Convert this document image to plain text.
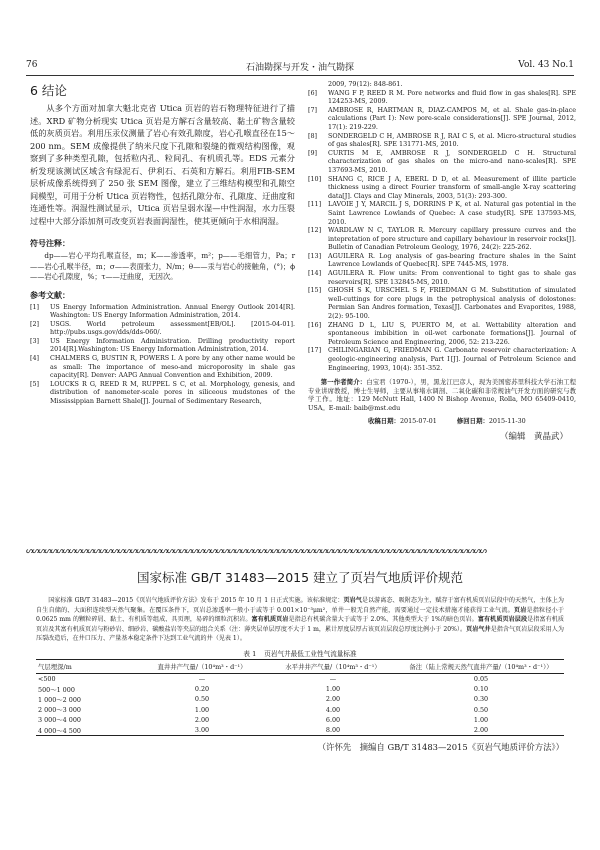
76	石油勘探与开发・油气勘探	Vol. 43 No.1
6 结论

从多个方面对加拿大魁北克省 Utica 页岩的岩石物理特征进行了描述。XRD 矿物分析现实 Utica 页岩是方解石含量较高、黏土矿物含量较低的灰质页岩。利用压汞仪测量了岩心有效孔隙度，岩心孔喉直径在15～200 nm。SEM 成像提供了纳米尺度下孔隙和裂缝的微观结构图像，观察到了多种类型孔隙，包括粒内孔、粒间孔、有机质孔等。EDS 元素分析发现该测试区域含有绿泥石、伊利石、石英和方解石。利用FIB-SEM 层析成像系统得到了 250 张 SEM 图像，建立了三维结构模型和孔隙空间模型，可用于分析 Utica 页岩物性，包括孔隙分布、孔隙度、迂曲度和连通性等。润湿性测试显示，Utica 页岩呈弱水湿—中性润湿，水力压裂过程中大部分添加剂可改变页岩表面润湿性，使其更倾向于水相润湿。

符号注释：

dp——岩心平均孔喉直径，m；K——渗透率，m²；p——毛细管力，Pa；r——岩心孔喉半径，m；σ——表面张力，N/m；θ——汞与岩心的接触角，(°)；ϕ——岩心孔隙度，%；τ——迂曲度，无因次。

参考文献：

[1]	US Energy Information Administration. Annual Energy Outlook 2014[R]. Washington: US Energy Information Administration, 2014.
[2]	USGS. World petroleum assessment[EB/OL]. [2015-04-01]. http://pubs.usgs.gov/dds/dds-060/.
[3]	US Energy Information Administration. Drilling productivity report 2014[R].Washington: US Energy Information Administration, 2014.
[4]	CHALMERS G, BUSTIN R, POWERS I. A pore by any other name would be as small: The importance of meso-and microporosity in shale gas capacity[R]. Denver: AAPG Annual Convention and Exhibition, 2009.
[5]	LOUCKS R G, REED R M, RUPPEL S C, et al. Morphology, genesis, and distribution of nanometer-scale pores in siliceous mudstones of the Mississippian Barnett Shale[J]. Journal of Sedimentary Research,
2009, 79(12): 848-861.
[6]	WANG F P, REED R M. Pore networks and fluid flow in gas shales[R]. SPE 124253-MS, 2009.
[7]	AMBROSE R, HARTMAN R, DIAZ-CAMPOS M, et al. Shale gas-in-place calculations (Part Ⅰ): New pore-scale considerations[J]. SPE Journal, 2012, 17(1): 219-229.
[8]	SONDERGELD C H, AMBROSE R J, RAI C S, et al. Micro-structural studies of gas shales[R]. SPE 131771-MS, 2010.
[9]	CURTIS M E, AMBROSE R J, SONDERGELD C H. Structural characterization of gas shales on the micro-and nano-scales[R]. SPE 137693-MS, 2010.
[10]	SHANG C, RICE J A, EBERL D D, et al. Measurement of illite particle thickness using a direct Fourier transform of small-angle X-ray scattering data[J]. Clays and Clay Minerals, 2003, 51(3): 293-300.
[11]	LAVOIE J Y, MARCIL J S, DORRINS P K, et al. Natural gas potential in the Saint Lawrence Lowlands of Quebec: A case study[R]. SPE 137593-MS, 2010.
[12]	WARDLAW N C, TAYLOR R. Mercury capillary pressure curves and the intepretation of pore structure and capillary behaviour in reservoir rocks[J]. Bulletin of Canadian Petroleum Geology, 1976, 24(2): 225-262.
[13]	AGUILERA R. Log analysis of gas-bearing fracture shales in the Saint Lawrence Lowlands of Quebec[R]. SPE 7445-MS, 1978.
[14]	AGUILERA R. Flow units: From conventional to tight gas to shale gas reservoirs[R]. SPE 132845-MS, 2010.
[15]	GHOSH S K, URSCHEL S F, FRIEDMAN G M. Substitution of simulated well-cuttings for core plugs in the petrophysical analysis of dolostones: Permian San Andres formation, Texas[J]. Carbonates and Evaporites, 1988, 2(2): 95-100.
[16]	ZHANG D L, LIU S, PUERTO M, et al. Wettability alteration and spontaneous imbibition in oil-wet carbonate formations[J]. Journal of Petroleum Science and Engineering, 2006, 52: 213-226.
[17]	CHILINGARIAN G, FRIEDMAN G. Carbonate reservoir characterization: A geologic-engineering analysis, Part Ⅰ[J]. Journal of Petroleum Science and Engineering, 1993, 10(4): 351-352.
第一作者简介：白宝君（1970-），男，黑龙江巴彦人，现为美国密苏里科技大学石油工程专业讲席教授，博士生导师，主要从事堵水调剖、二氧化碳和非常规油气开发方面的研究与教学工作。地址：129 McNutt Hall, 1400 N Bishop Avenue, Rolla, MO 65409-0410, USA。E-mail: baib@mst.edu
收稿日期：2015-07-01	修回日期：2015-11-30
（编辑　黄晶武）
ᔕᔕᔕᔕᔕᔕᔕᔕᔕᔕᔕᔕᔕᔕᔕᔕᔕᔕᔕᔕᔕᔕᔕᔕᔕᔕᔕᔕᔕᔕᔕᔕᔕᔕᔕᔕᔕᔕᔕᔕᔕᔕᔕᔕᔕᔕᔕᔕᔕᔕᔕᔕᔕᔕᔕᔕᔕᔕᔕᔕᔕᔕᔕᔕᔕᔕᔕᔕᔕᔕᔕᔕᔕᔕᔕ
国家标准 GB/T 31483—2015 建立了页岩气地质评价规范

国家标准 GB/T 31483—2015《页岩气地质评价方法》发布于 2015 年 10 月 1 日正式实施。该标准规定：页岩气是以游离态、吸附态为主，赋存于富有机质页岩层段中的天然气，主体上为自生自储的、大面积连续型天然气聚集。在覆压条件下，页岩总渗透率一般小于或等于 0.001×10⁻³μm²，单井一般无自然产能，需要通过一定技术措施才能获得工业气流。页岩是指粒径小于 0.0625 mm 的颗粒碎屑、黏土、有机质等组成、具页理，易碎的细粒沉积岩。富有机质页岩是指总有机碳含量大于或等于 2.0%、其他类型大于 1%的暗色页岩。富有机质页岩层段是指富有机质页岩及其富有机质页岩与粉砂岩、细砂岩、碳酸盐岩等夹层的组合关系（注：薄夹层单层厚度不大于 1 m，累计厚度层厚占该页岩层段总厚度比例小于 20%）。页岩气井是指含气页岩层段采用人为压裂改造后，在井口压力、产量基本稳定条件下达到工业气流的井（见表 1）。

表 1 页岩气井最低工业性气流量标准
气层埋深/m	直井井产气量/（10⁴m³・d⁻¹）	水平井井产气量/（10⁴m³・d⁻¹）	备注（陆上常规天然气直井产量/（10⁴m³・d⁻¹））
<500	—	—	0.05
500～1 000	0.20	1.00	0.10
1 000～2 000	0.50	2.00	0.30
2 000～3 000	1.00	4.00	0.50
3 000～4 000	2.00	6.00	1.00
4 000～4 500	3.00	8.00	2.00
（许怀先　摘编自 GB/T 31483—2015《页岩气地质评价方法》）
